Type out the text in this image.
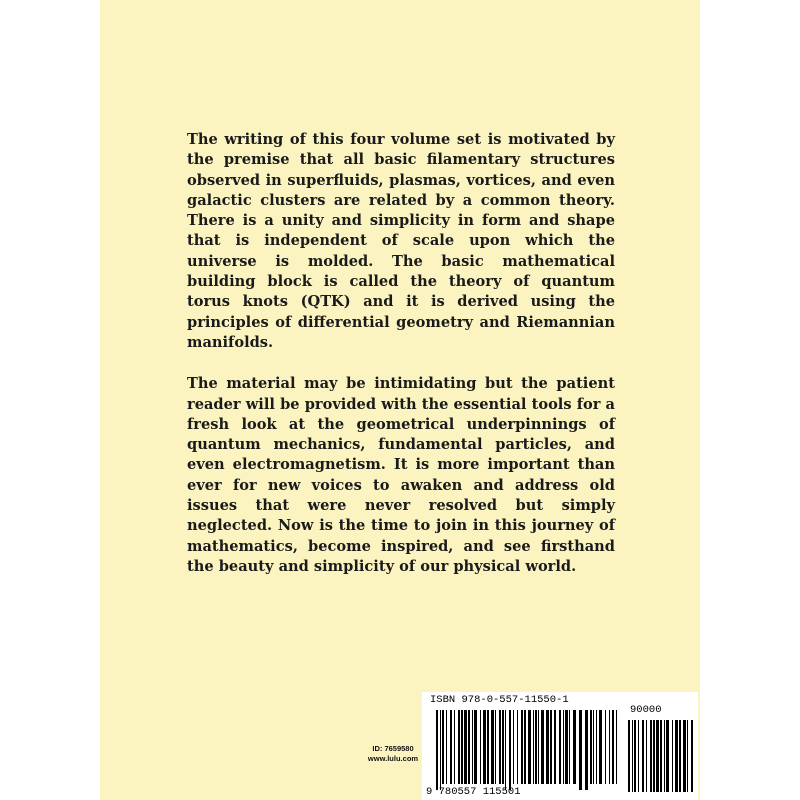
The writing of this four volume set is motivated by the premise that all basic filamentary structures observed in superfluids, plasmas, vortices, and even galactic clusters are related by a common theory. There is a unity and simplicity in form and shape that is independent of scale upon which the universe is molded. The basic mathematical building block is called the theory of quantum torus knots (QTK) and it is derived using the principles of differential geometry and Riemannian manifolds.

The material may be intimidating but the patient reader will be provided with the essential tools for a fresh look at the geometrical underpinnings of quantum mechanics, fundamental particles, and even electromagnetism. It is more important than ever for new voices to awaken and address old issues that were never resolved but simply neglected. Now is the time to join in this journey of mathematics, become inspired, and see firsthand the beauty and simplicity of our physical world.

ID: 7659580
www.lulu.com
ISBN 978-0-557-11550-1
90000
9 780557 115501
